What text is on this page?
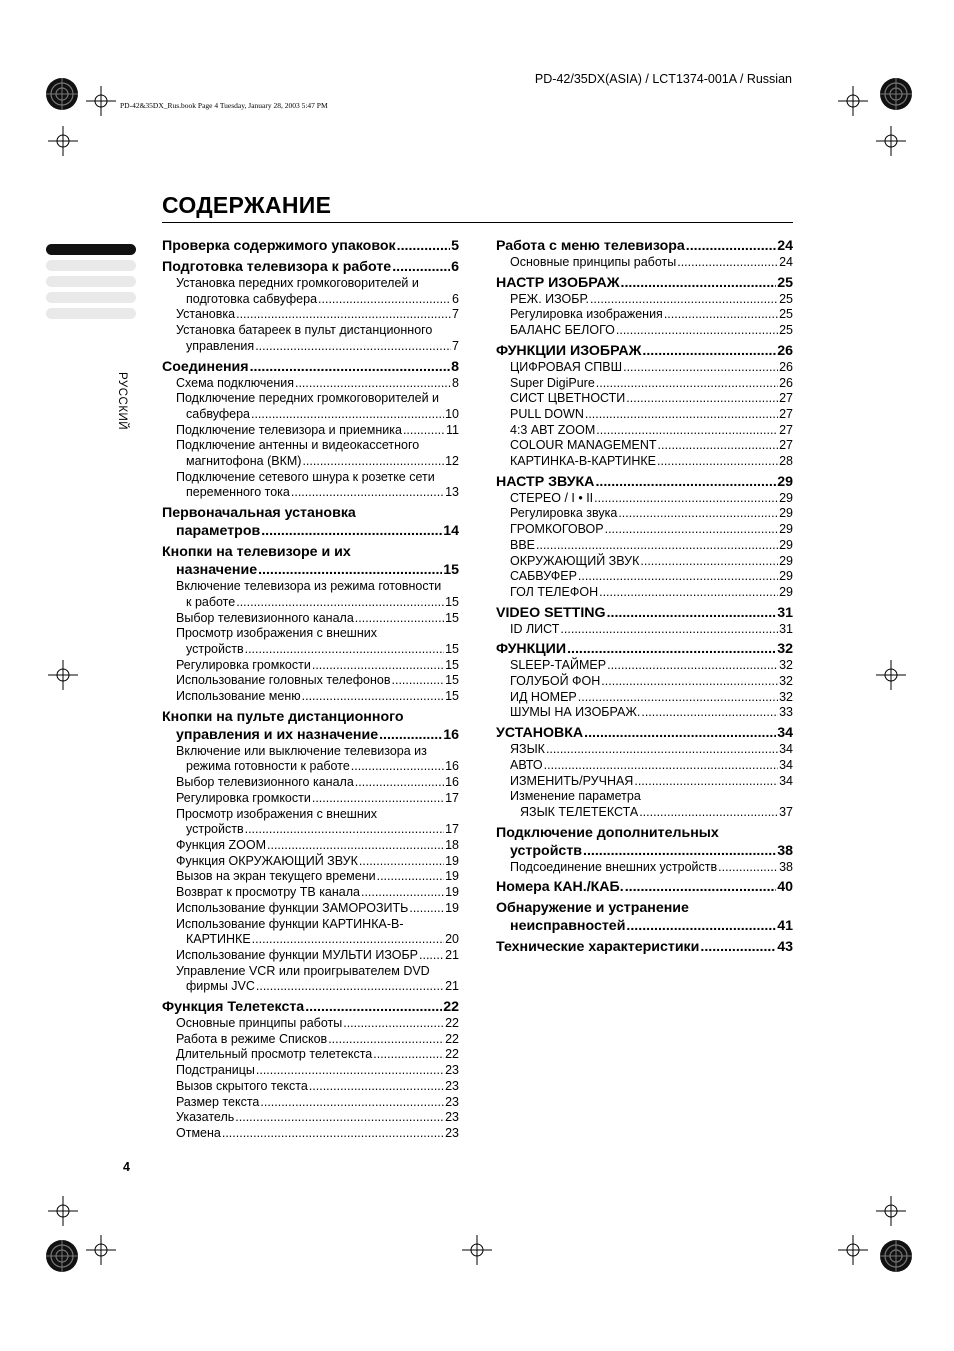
PD-42/35DX(ASIA) / LCT1374-001A / Russian
PD-42&35DX_Rus.book Page 4 Tuesday, January 28, 2003 5:47 PM
СОДЕРЖАНИЕ
РУССКИЙ
Проверка содержимого упаковок .....	5
Подготовка телевизора к работе .....	6
Установка передних громкоговорителей и
подготовка сабвуфера .....	6
Установка .....	7
Установка батареек в пульт дистанционного
управления .....	7
Соединения .....	8
Схема подключения .....	8
Подключение передних громкоговорителей и
сабвуфера .....	10
Подключение телевизора и приемника .....	11
Подключение антенны и видеокассетного
магнитофона (ВКМ) .....	12
Подключение сетевого шнура к розетке сети
переменного тока .....	13
Первоначальная установка
параметров .....	14
Кнопки на телевизоре и их
назначение .....	15
Включение телевизора из режима готовности
к работе .....	15
Выбор телевизионного канала .....	15
Просмотр изображения с внешних
устройств .....	15
Регулировка громкости .....	15
Использование головных телефонов .....	15
Использование меню .....	15
Кнопки на пульте дистанционного
управления и их назначение .....	16
Включение или выключение телевизора из
режима готовности к работе .....	16
Выбор телевизионного канала .....	16
Регулировка громкости .....	17
Просмотр изображения с внешних
устройств .....	17
Функция ZOOM .....	18
Функция ОКРУЖАЮЩИЙ ЗВУК .....	19
Вызов на экран текущего времени .....	19
Возврат к просмотру ТВ канала .....	19
Использование функции ЗАМОРОЗИТЬ .....	19
Использование функции КАРТИНКА-В-
КАРТИНКЕ .....	20
Использование функции МУЛЬТИ ИЗОБР ..... 21
Управление VCR или проигрывателем DVD
фирмы JVC .....	21
Функция Телетекста .....	22
Основные принципы работы .....	22
Работа в режиме Списков .....	22
Длительный просмотр телетекста .....	22
Подстраницы .....	23
Вызов скрытого текста .....	23
Размер текста .....	23
Указатель .....	23
Отмена .....	23
Работа с меню телевизора .....	24
Основные принципы работы .....	24
НАСТР ИЗОБРАЖ .....	25
РЕЖ. ИЗОБР. .....	25
Регулировка изображения .....	25
БАЛАНС БЕЛОГО .....	25
ФУНКЦИИ ИЗОБРАЖ .....	26
ЦИФРОВАЯ СПВШ .....	26
Super DigiPure .....	26
СИСТ ЦВЕТНОСТИ .....	27
PULL DOWN .....	27
4:3 АВТ ZOOM .....	27
COLOUR MANAGEMENT .....	27
КАРТИНКА-В-КАРТИНКЕ .....	28
НАСТР ЗВУКА .....	29
СТЕРЕО / I • II .....	29
Регулировка звука .....	29
ГРОМКОГОВОР .....	29
ВВЕ .....	29
ОКРУЖАЮЩИЙ ЗВУК .....	29
САБВУФЕР .....	29
ГОЛ ТЕЛЕФОН .....	29
VIDEO SETTING .....	31
ID ЛИСТ .....	31
ФУНКЦИИ .....	32
SLEEP-ТАЙМЕР .....	32
ГОЛУБОЙ ФОН .....	32
ИД НОМЕР .....	32
ШУМЫ НА ИЗОБРАЖ. .....	33
УСТАНОВКА .....	34
ЯЗЫК .....	34
АВТО .....	34
ИЗМЕНИТЬ/РУЧНАЯ .....	34
Изменение параметра
ЯЗЫК ТЕЛЕТЕКСТА .....	37
Подключение дополнительных
устройств .....	38
Подсоединение внешних устройств .....	38
Номера КАН./КАБ. .....	40
Обнаружение и устранение
неисправностей .....	41
Технические характеристики .....	43
4
